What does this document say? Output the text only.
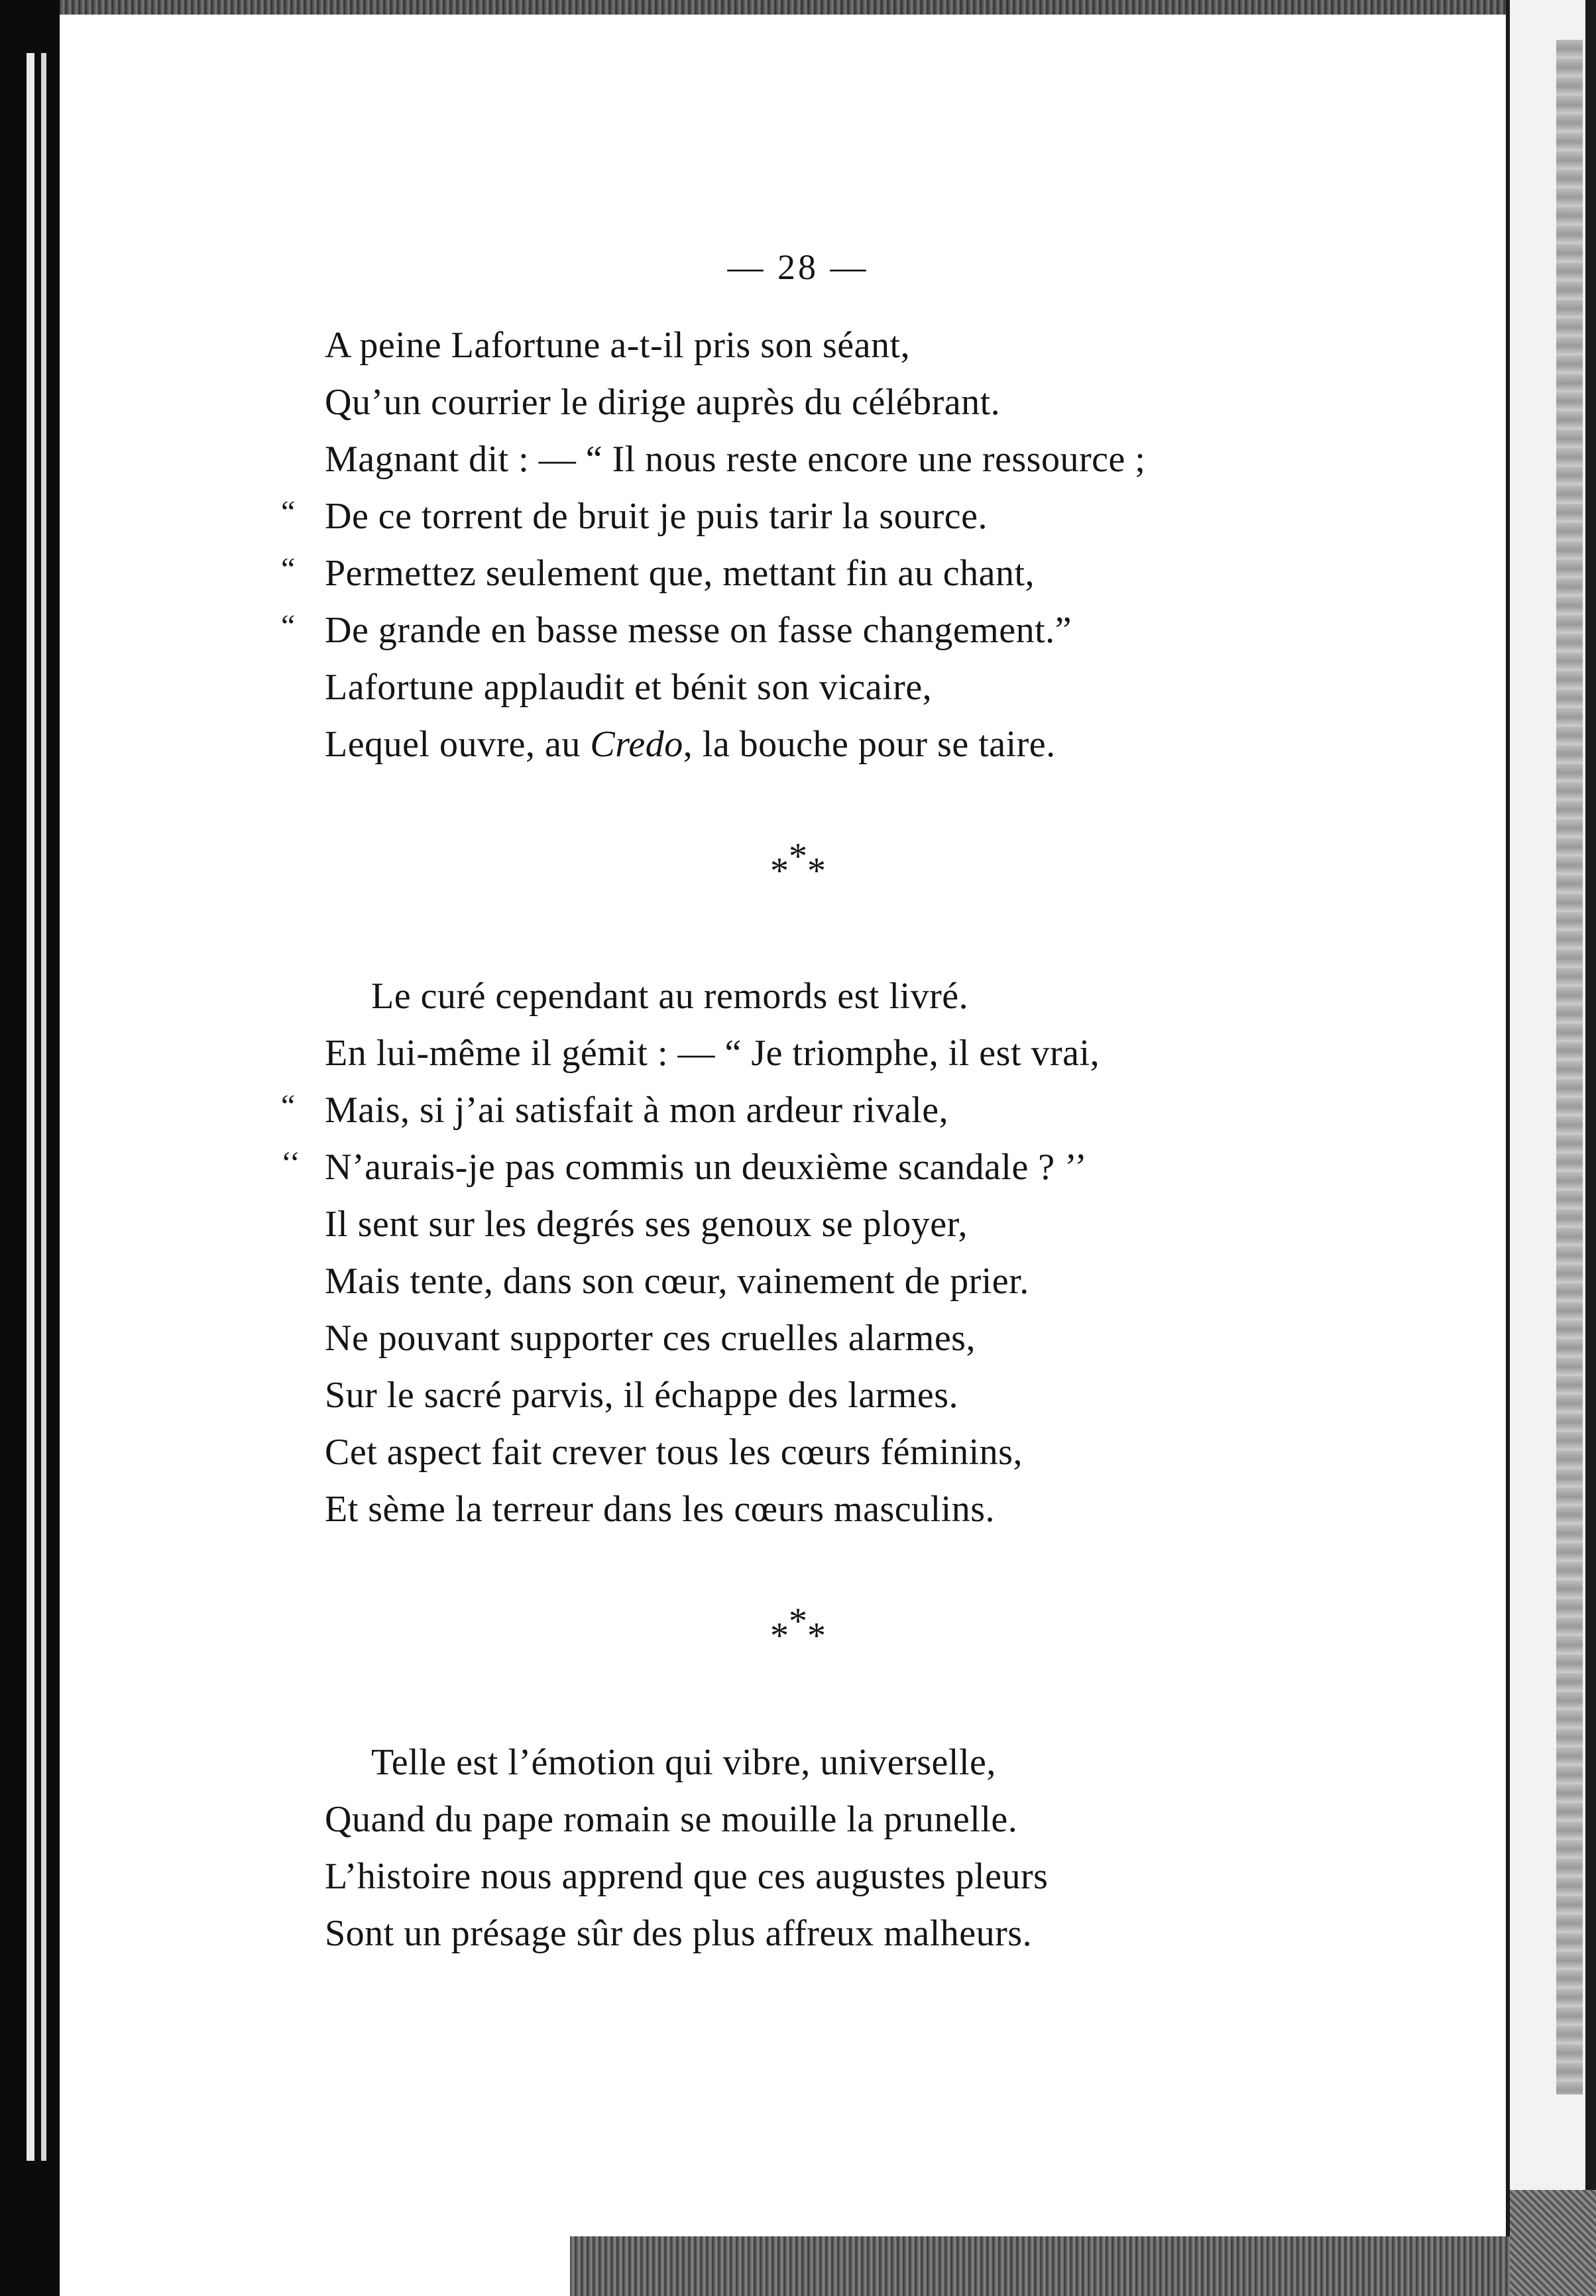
— 28 —
A peine Lafortune a-t-il pris son séant,
Qu’un courrier le dirige auprès du célébrant.
Magnant dit : — “ Il nous reste encore une ressource ;
“ De ce torrent de bruit je puis tarir la source.
“ Permettez seulement que, mettant fin au chant,
“ De grande en basse messe on fasse changement.”
Lafortune applaudit et bénit son vicaire,
Lequel ouvre, au Credo, la bouche pour se taire.
***
Le curé cependant au remords est livré.
En lui-même il gémit : — “ Je triomphe, il est vrai,
“ Mais, si j’ai satisfait à mon ardeur rivale,
‘‘ N’aurais-je pas commis un deuxième scandale ? ’’
Il sent sur les degrés ses genoux se ployer,
Mais tente, dans son cœur, vainement de prier.
Ne pouvant supporter ces cruelles alarmes,
Sur le sacré parvis, il échappe des larmes.
Cet aspect fait crever tous les cœurs féminins,
Et sème la terreur dans les cœurs masculins.
***
Telle est l’émotion qui vibre, universelle,
Quand du pape romain se mouille la prunelle.
L’histoire nous apprend que ces augustes pleurs
Sont un présage sûr des plus affreux malheurs.
